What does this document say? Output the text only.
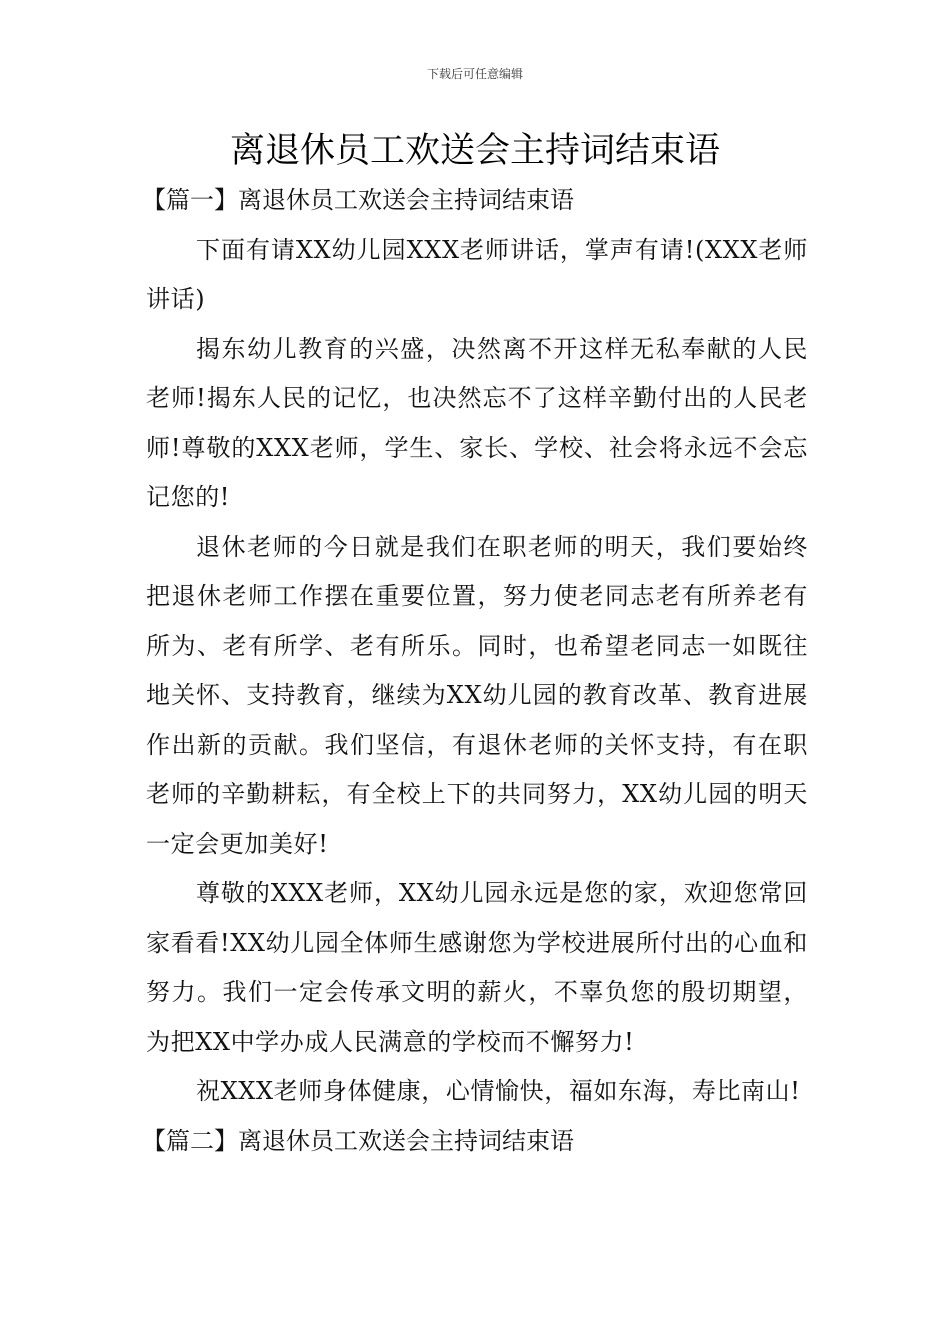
下载后可任意编辑
离退休员工欢送会主持词结束语
【篇一】离退休员工欢送会主持词结束语

下面有请XX幼儿园XXX老师讲话，掌声有请!(XXX老师讲话)

揭东幼儿教育的兴盛，决然离不开这样无私奉献的人民老师!揭东人民的记忆，也决然忘不了这样辛勤付出的人民老师!尊敬的XXX老师，学生、家长、学校、社会将永远不会忘记您的!

退休老师的今日就是我们在职老师的明天，我们要始终把退休老师工作摆在重要位置，努力使老同志老有所养老有所为、老有所学、老有所乐。同时，也希望老同志一如既往地关怀、支持教育，继续为XX幼儿园的教育改革、教育进展作出新的贡献。我们坚信，有退休老师的关怀支持，有在职老师的辛勤耕耘，有全校上下的共同努力，XX幼儿园的明天一定会更加美好!

尊敬的XXX老师，XX幼儿园永远是您的家，欢迎您常回家看看!XX幼儿园全体师生感谢您为学校进展所付出的心血和努力。我们一定会传承文明的薪火，不辜负您的殷切期望，为把XX中学办成人民满意的学校而不懈努力!

祝XXX老师身体健康，心情愉快，福如东海，寿比南山!

【篇二】离退休员工欢送会主持词结束语
